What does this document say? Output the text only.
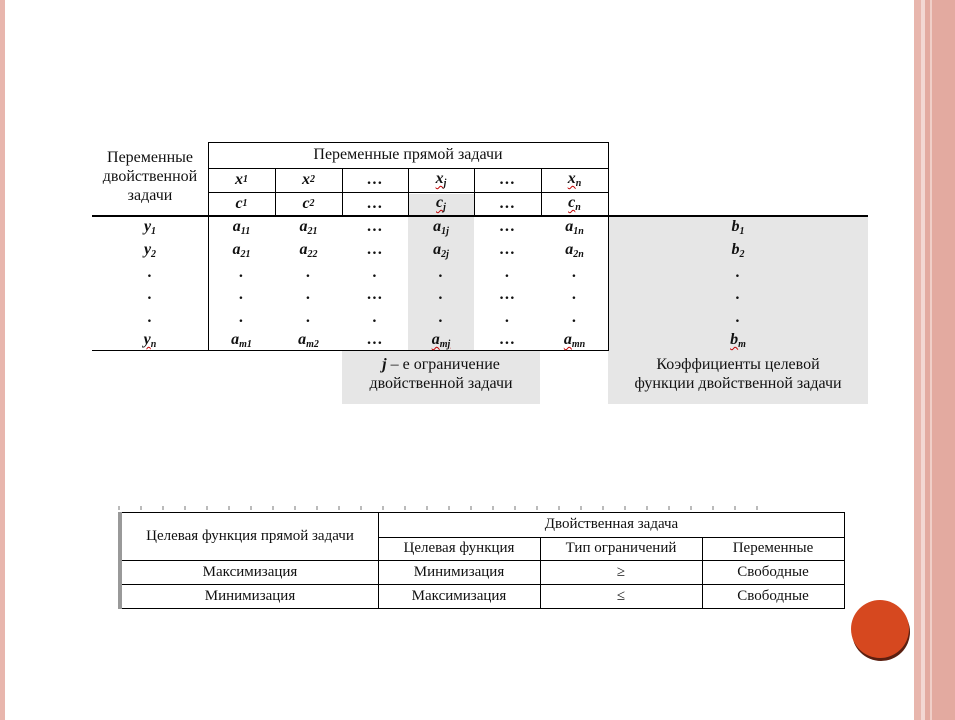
Переменные
двойственной
задачи
Переменные прямой задачи
x 1	x 2	…	$x_j$	…	$x_n$
c 1	c 2	…	$c_j$	…	$c_n$
$y_1$	$a_{11}$	$a_{21}$	…	$a_{1j}$	…	$a_{1n}$	$b_1$
$y_2$	$a_{21}$	$a_{22}$	…	$a_{2j}$	…	$a_{2n}$	$b_2$
.	.	.	.	.	.	.	.
.	.	.	…	.	…	.	.
.	.	.	.	.	.	.	.
$y_n$	$a_{m1}$	$a_{m2}$	…	$a_{mj}$	…	$a_{mn}$	$b_m$
j – е ограничение
двойственной задачи
Коэффициенты целевой
функции двойственной задачи
Целевая функция прямой задачи
Двойственная задача
Целевая функция	Тип ограничений	Переменные
Максимизация	Минимизация	≥	Свободные
Минимизация	Максимизация	≤	Свободные
